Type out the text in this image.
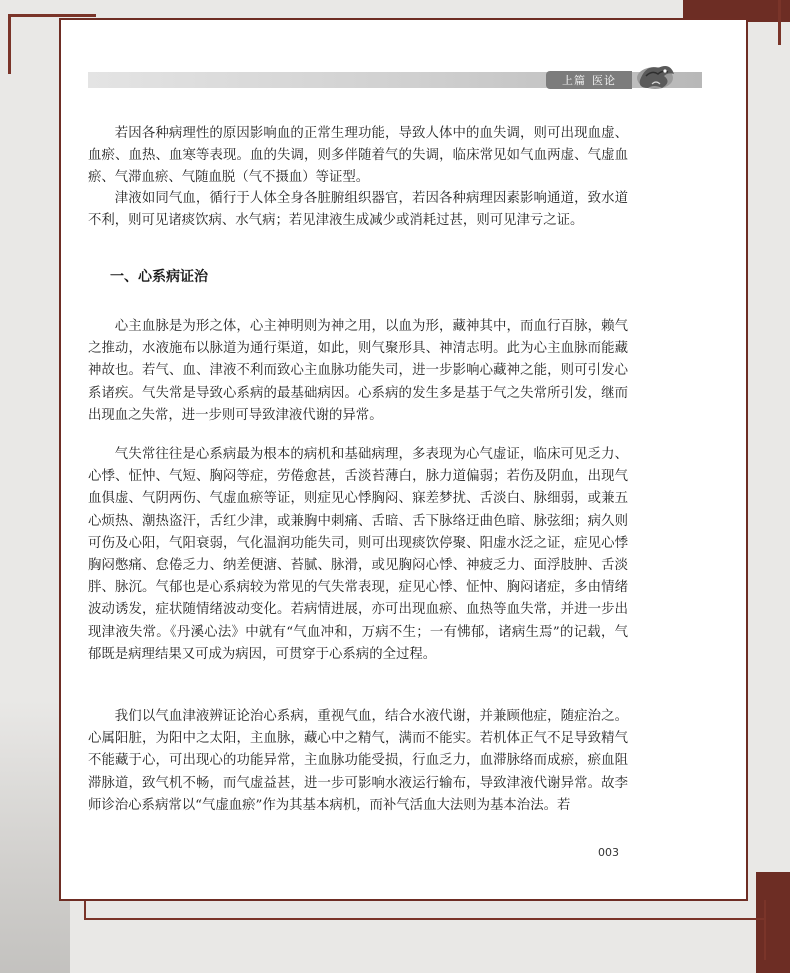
上篇 医论

若因各种病理性的原因影响血的正常生理功能，导致人体中的血失调，则可出现血虚、血瘀、血热、血寒等表现。血的失调，则多伴随着气的失调，临床常见如气血两虚、气虚血瘀、气滞血瘀、气随血脱（气不摄血）等证型。

津液如同气血，循行于人体全身各脏腑组织器官，若因各种病理因素影响通道，致水道不利，则可见诸痰饮病、水气病；若见津液生成减少或消耗过甚，则可见津亏之证。

一、心系病证治

心主血脉是为形之体，心主神明则为神之用，以血为形，藏神其中，而血行百脉，赖气之推动，水液施布以脉道为通行渠道，如此，则气聚形具、神清志明。此为心主血脉而能藏神故也。若气、血、津液不利而致心主血脉功能失司，进一步影响心藏神之能，则可引发心系诸疾。气失常是导致心系病的最基础病因。心系病的发生多是基于气之失常所引发，继而出现血之失常，进一步则可导致津液代谢的异常。

气失常往往是心系病最为根本的病机和基础病理，多表现为心气虚证，临床可见乏力、心悸、怔忡、气短、胸闷等症，劳倦愈甚，舌淡苔薄白，脉力道偏弱；若伤及阴血，出现气血俱虚、气阴两伤、气虚血瘀等证，则症见心悸胸闷、寐差梦扰、舌淡白、脉细弱，或兼五心烦热、潮热盗汗，舌红少津，或兼胸中刺痛、舌暗、舌下脉络迂曲色暗、脉弦细；病久则可伤及心阳，气阳衰弱，气化温润功能失司，则可出现痰饮停聚、阳虚水泛之证，症见心悸胸闷憋痛、怠倦乏力、纳差便溏、苔腻、脉滑，或见胸闷心悸、神疲乏力、面浮肢肿、舌淡胖、脉沉。气郁也是心系病较为常见的气失常表现，症见心悸、怔忡、胸闷诸症，多由情绪波动诱发，症状随情绪波动变化。若病情进展，亦可出现血瘀、血热等血失常，并进一步出现津液失常。《丹溪心法》中就有“气血冲和，万病不生；一有怫郁，诸病生焉”的记载，气郁既是病理结果又可成为病因，可贯穿于心系病的全过程。

我们以气血津液辨证论治心系病，重视气血，结合水液代谢，并兼顾他症，随症治之。心属阳脏，为阳中之太阳，主血脉，藏心中之精气，满而不能实。若机体正气不足导致精气不能藏于心，可出现心的功能异常，主血脉功能受损，行血乏力，血滞脉络而成瘀，瘀血阻滞脉道，致气机不畅，而气虚益甚，进一步可影响水液运行输布，导致津液代谢异常。故李师诊治心系病常以“气虚血瘀”作为其基本病机，而补气活血大法则为基本治法。若

003
